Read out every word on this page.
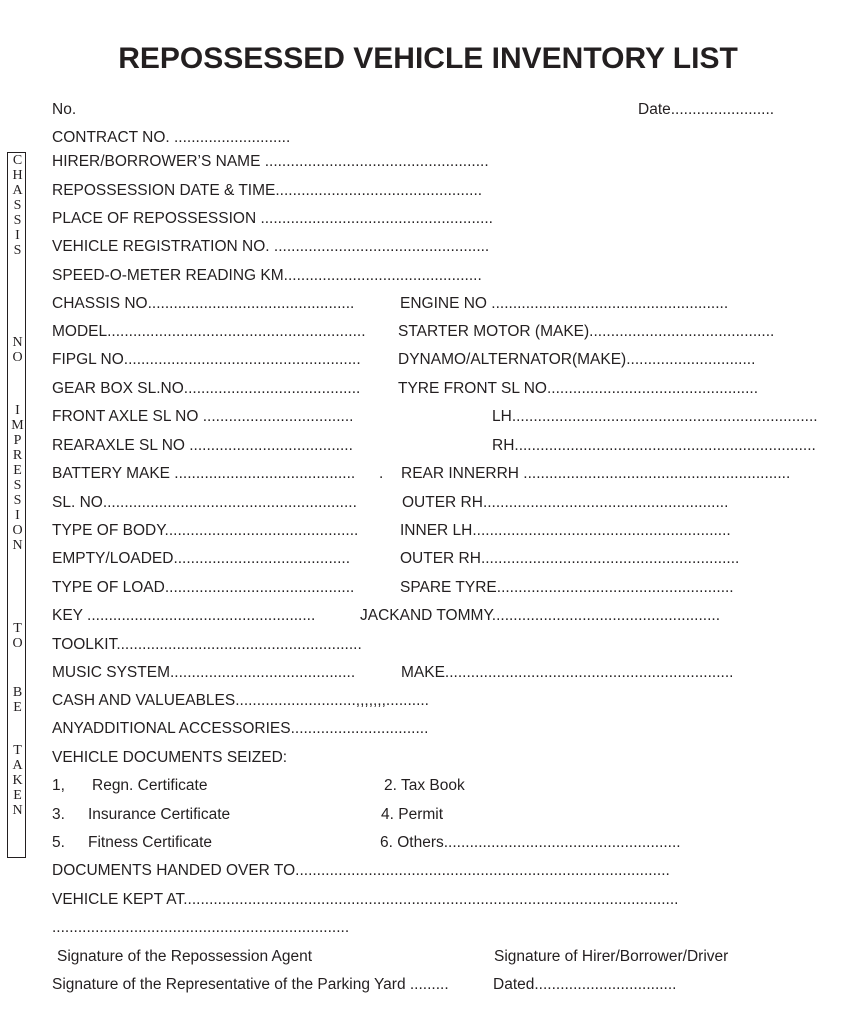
REPOSSESSED VEHICLE INVENTORY LIST
No.	Date........................
C
H
A
S
S
I
S
N
O
I
M
P
R
E
S
S
I
O
N
T
O
B
E
T
A
K
E
N
CONTRACT NO. ...........................
HIRER/BORROWER’S NAME ....................................................
REPOSSESSION DATE & TIME................................................
PLACE OF REPOSSESSION ......................................................
VEHICLE REGISTRATION NO. ..................................................
SPEED-O-METER READING KM..............................................
CHASSIS NO................................................	ENGINE NO .......................................................
MODEL............................................................ STARTER MOTOR (MAKE)...........................................
FIPGL NO....................................................... DYNAMO/ALTERNATOR(MAKE)..............................
GEAR BOX SL.NO......................................... TYRE FRONT SL NO.................................................
FRONT AXLE SL NO ...................................	LH.......................................................................
REARAXLE SL NO ......................................	RH......................................................................
BATTERY MAKE .......................................... . REAR INNERRH ..............................................................
SL. NO...........................................................	OUTER RH.........................................................
TYPE OF BODY.............................................	INNER LH............................................................
EMPTY/LOADED.........................................	OUTER RH............................................................
TYPE OF LOAD............................................	SPARE TYRE.......................................................
KEY .....................................................	JACKAND TOMMY.....................................................
TOOLKIT.........................................................
MUSIC SYSTEM...........................................	MAKE...................................................................
CASH AND VALUEABLES............................,,,,,,,..........
ANYADDITIONAL ACCESSORIES................................
VEHICLE DOCUMENTS SEIZED:
1, Regn. Certificate	2. Tax Book
3. Insurance Certificate	4. Permit
5. Fitness Certificate	6. Others.......................................................
DOCUMENTS HANDED OVER TO.......................................................................................
VEHICLE KEPT AT...................................................................................................................
.....................................................................
Signature of the Repossession Agent	Signature of Hirer/Borrower/Driver
Signature of the Representative of the Parking Yard .........	Dated.................................
